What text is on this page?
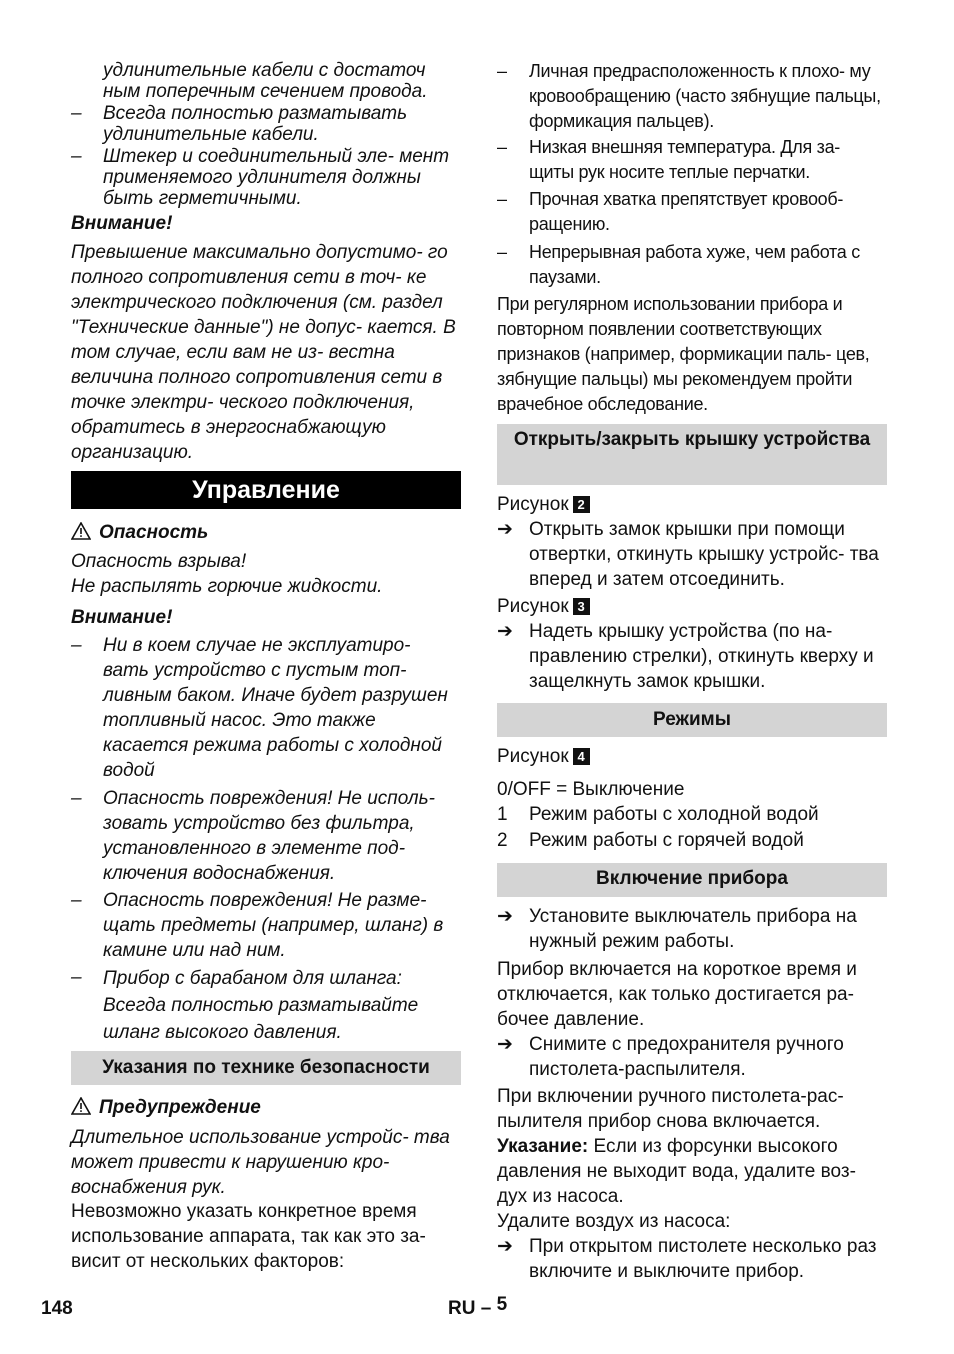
удлинительные кабели с достаточ ным поперечным сечением провода.
– Всегда полностью разматывать удлинительные кабели.
– Штекер и соединительный эле- мент применяемого удлинителя должны быть герметичными.
Внимание!
Превышение максимально допустимо- го полного сопротивления сети в точ- ке электрического подключения (см. раздел "Технические данные") не допус- кается. В том случае, если вам не из- вестна величина полного сопротивления сети в точке электри- ческого подключения, обратитесь в энергоснабжающую организацию.
Управление
Опасность
Опасность взрыва!
Не распылять горючие жидкости.
Внимание!
– Ни в коем случае не эксплуатиро- вать устройство с пустым топ- ливным баком. Иначе будет разрушен топливный насос. Это также касается режима работы с холодной водой
– Опасность повреждения! Не исполь- зовать устройство без фильтра, установленного в элементе под- ключения водоснабжения.
– Опасность повреждения! Не разме- щать предметы (например, шланг) в камине или над ним.
– Прибор с барабаном для шланга: Всегда полностью разматывайте шланг высокого давления.
Указания по технике безопасности
Предупреждение
Длительное использование устройс- тва может привести к нарушению кро- воснабжения рук.
Невозможно указать конкретное время использование аппарата, так как это за- висит от нескольких факторов:
– Личная предрасположенность к плохо- му кровообращению (часто зябнущие пальцы, формикация пальцев).
– Низкая внешняя температура. Для за- щиты рук носите теплые перчатки.
– Прочная хватка препятствует кровооб- ращению.
– Непрерывная работа хуже, чем работа с паузами.
При регулярном использовании прибора и повторном появлении соответствующих признаков (например, формикации паль- цев, зябнущие пальцы) мы рекомендуем пройти врачебное обследование.
Открыть/закрыть крышку устройства
Рисунок 2
➔ Открыть замок крышки при помощи отвертки, откинуть крышку устройс- тва вперед и затем отсоединить.
Рисунок 3
➔ Надеть крышку устройства (по на- правлению стрелки), откинуть кверху и защелкнуть замок крышки.
Режимы
Рисунок 4
0/OFF = Выключение
1 Режим работы с холодной водой
2 Режим работы с горячей водой
Включение прибора
➔ Установите выключатель прибора на нужный режим работы.
Прибор включается на короткое время и отключается, как только достигается ра- бочее давление.
➔ Снимите с предохранителя ручного пистолета-распылителя.
При включении ручного пистолета-рас- пылителя прибор снова включается.
Указание: Если из форсунки высокого давления не выходит вода, удалите воз- дух из насоса.
Удалите воздух из насоса:
➔ При открытом пистолете несколько раз включите и выключите прибор.
148	RU – 5
